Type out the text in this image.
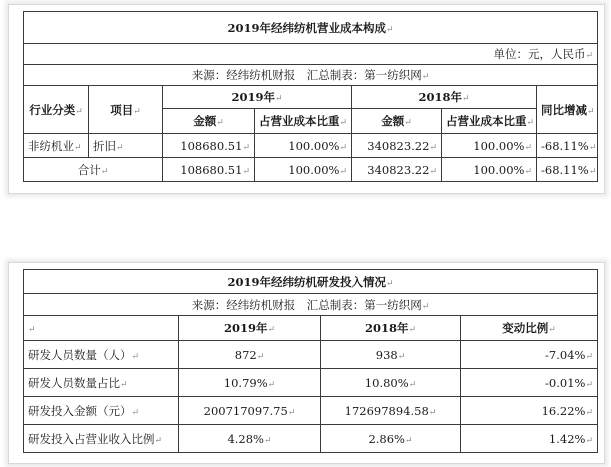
2019年经纬纺机营业成本构成↵						
单位：元，人民币↵						
来源：经纬纺机财报　汇总制表：第一纺织网↵						
行业分类↵	项目↵	2019年↵		2018年↵		同比增减↵
		金额↵	占营业成本比重↵	金额↵	占营业成本比重↵	
非纺机业↵	折旧↵	108680.51↵	100.00%↵	340823.22↵	100.00%↵	-68.11%↵
合计↵		108680.51↵	100.00%↵	340823.22↵	100.00%↵	-68.11%↵
2019年经纬纺机研发投入情况↵			
来源：经纬纺机财报　汇总制表：第一纺织网↵			
↵	2019年↵	2018年↵	变动比例↵
研发人员数量（人）↵	872↵	938↵	-7.04%↵
研发人员数量占比↵	10.79%↵	10.80%↵	-0.01%↵
研发投入金额（元）↵	200717097.75↵	172697894.58↵	16.22%↵
研发投入占营业收入比例↵	4.28%↵	2.86%↵	1.42%↵
